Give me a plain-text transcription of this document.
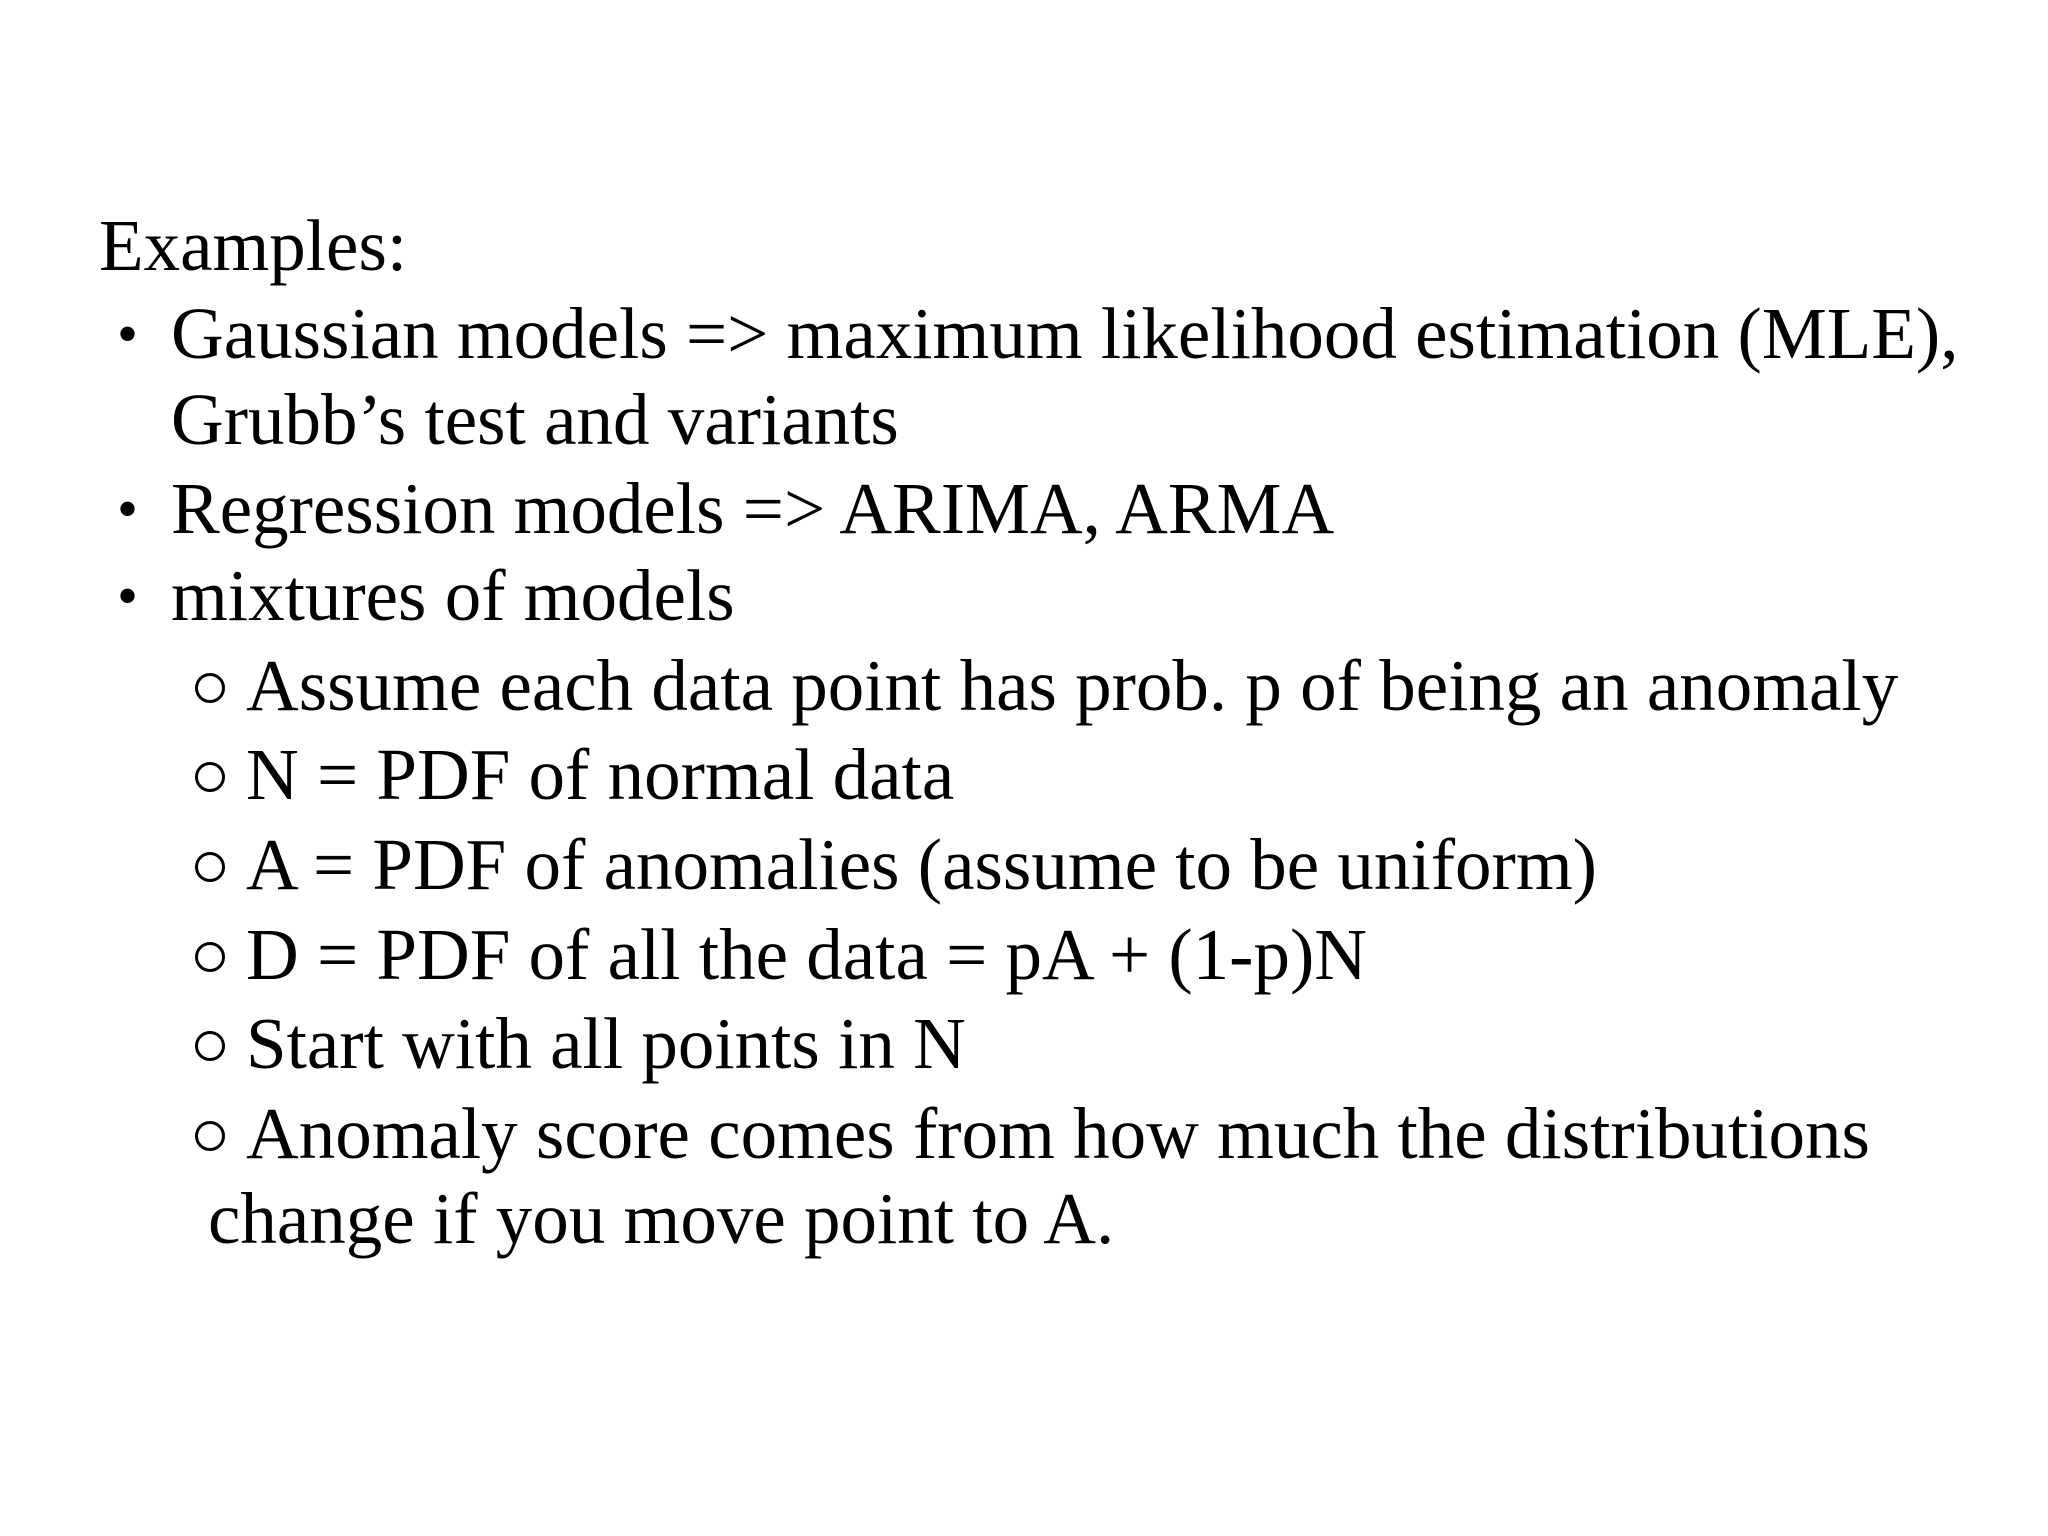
Examples:
• Gaussian models => maximum likelihood estimation (MLE),
Grubb’s test and variants
• Regression models => ARIMA, ARMA
• mixtures of models
Assume each data point has prob. p of being an anomaly
N = PDF of normal data
A = PDF of anomalies (assume to be uniform)
D = PDF of all the data = pA + (1-p)N
Start with all points in N
Anomaly score comes from how much the distributions
change if you move point to A.
